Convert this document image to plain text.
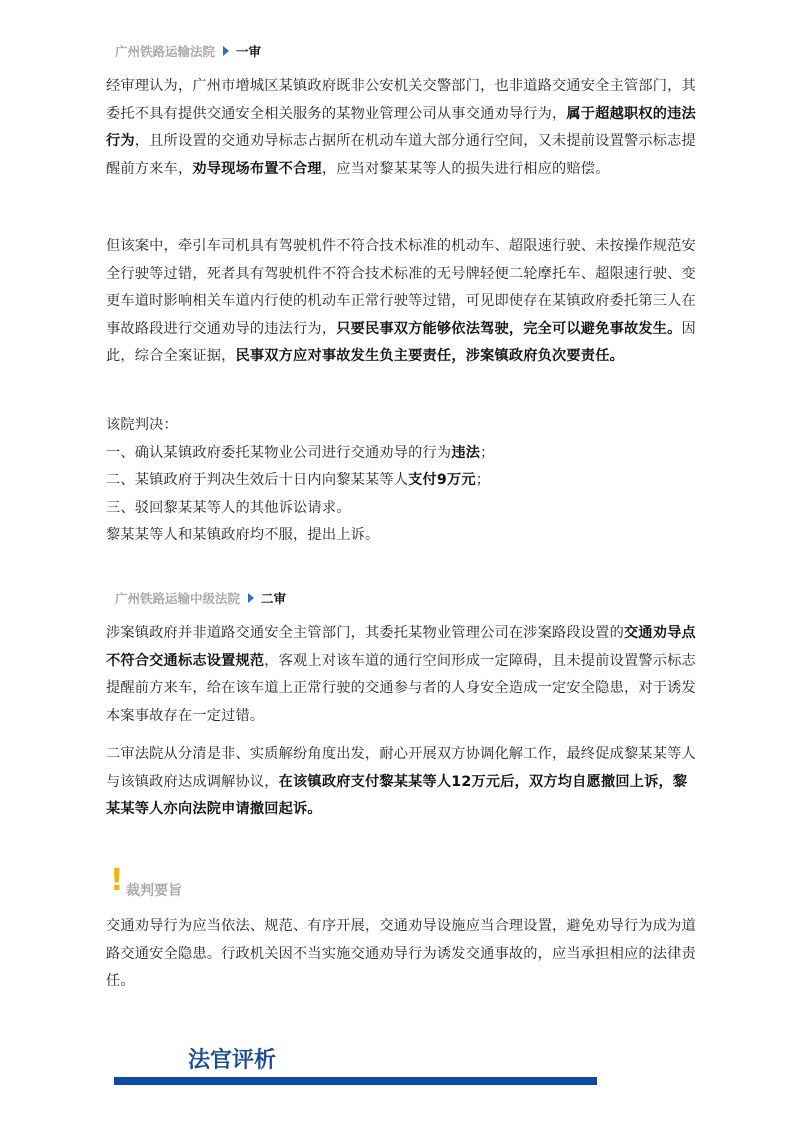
广州铁路运输法院 一审

经审理认为，广州市增城区某镇政府既非公安机关交警部门，也非道路交通安全主管部门，其委托不具有提供交通安全相关服务的某物业管理公司从事交通劝导行为，属于超越职权的违法行为，且所设置的交通劝导标志占据所在机动车道大部分通行空间，又未提前设置警示标志提醒前方来车，劝导现场布置不合理，应当对黎某某等人的损失进行相应的赔偿。

但该案中，牵引车司机具有驾驶机件不符合技术标准的机动车、超限速行驶、未按操作规范安全行驶等过错，死者具有驾驶机件不符合技术标准的无号牌轻便二轮摩托车、超限速行驶、变更车道时影响相关车道内行使的机动车正常行驶等过错，可见即使存在某镇政府委托第三人在事故路段进行交通劝导的违法行为，只要民事双方能够依法驾驶，完全可以避免事故发生。因此，综合全案证据，民事双方应对事故发生负主要责任，涉案镇政府负次要责任。

该院判决：
一、确认某镇政府委托某物业公司进行交通劝导的行为违法；
二、某镇政府于判决生效后十日内向黎某某等人支付9万元；
三、驳回黎某某等人的其他诉讼请求。
黎某某等人和某镇政府均不服，提出上诉。
广州铁路运输中级法院 二审

涉案镇政府并非道路交通安全主管部门，其委托某物业管理公司在涉案路段设置的交通劝导点不符合交通标志设置规范，客观上对该车道的通行空间形成一定障碍，且未提前设置警示标志提醒前方来车，给在该车道上正常行驶的交通参与者的人身安全造成一定安全隐患，对于诱发本案事故存在一定过错。

二审法院从分清是非、实质解纷角度出发，耐心开展双方协调化解工作，最终促成黎某某等人与该镇政府达成调解协议，在该镇政府支付黎某某等人12万元后，双方均自愿撤回上诉，黎某某等人亦向法院申请撤回起诉。

! 裁判要旨

交通劝导行为应当依法、规范、有序开展，交通劝导设施应当合理设置，避免劝导行为成为道路交通安全隐患。行政机关因不当实施交通劝导行为诱发交通事故的，应当承担相应的法律责任。

法官评析
